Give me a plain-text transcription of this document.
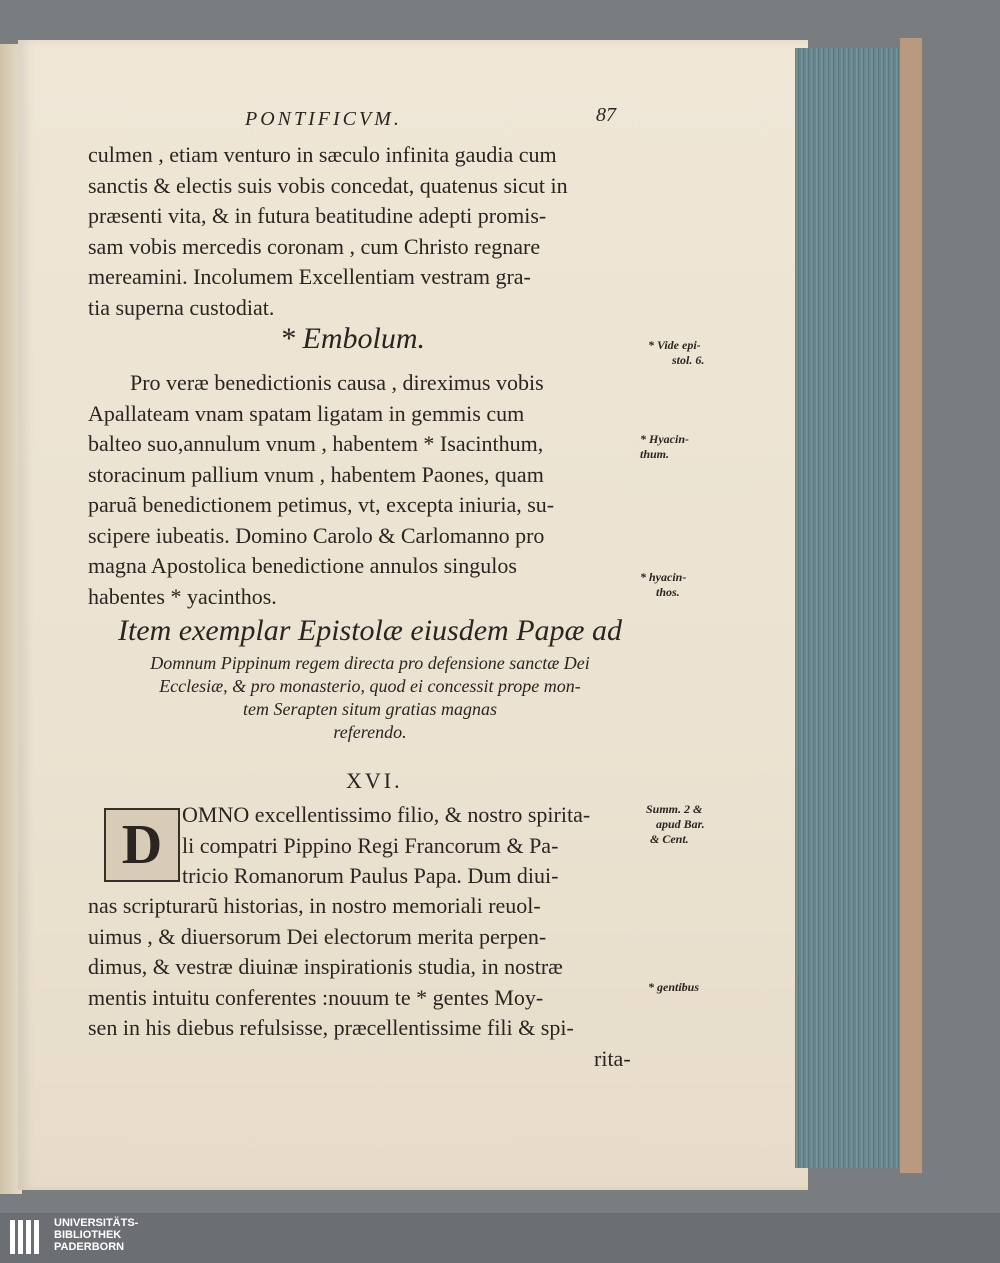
PONTIFICVM.	87
culmen , etiam venturo in sæculo infinita gaudia cum
sanctis & electis suis vobis concedat, quatenus sicut in
præsenti vita, & in futura beatitudine adepti promis-
sam vobis mercedis coronam , cum Christo regnare
mereamini. Incolumem Excellentiam vestram gra-
tia superna custodiat.
* Embolum.
Pro veræ benedictionis causa , direximus vobis
Apallateam vnam spatam ligatam in gemmis cum
balteo suo,annulum vnum , habentem * Isacinthum,
storacinum pallium vnum , habentem Paones, quam
paruã benedictionem petimus, vt, excepta iniuria, su-
scipere iubeatis. Domino Carolo & Carlomanno pro
magna Apostolica benedictione annulos singulos
habentes * yacinthos.
Item exemplar Epistolæ eiusdem Papæ ad
Domnum Pippinum regem directa pro defensione sanctæ Dei
Ecclesiæ, & pro monasterio, quod ei concessit prope mon-
tem Serapten situm gratias magnas
referendo.
XVI.
D OMNO excellentissimo filio, & nostro spirita-
li compatri Pippino Regi Francorum & Pa-
tricio Romanorum Paulus Papa. Dum diui-
nas scripturarũ historias, in nostro memoriali reuol-
uimus , & diuersorum Dei electorum merita perpen-
dimus, & vestræ diuinæ inspirationis studia, in nostræ
mentis intuitu conferentes :nouum te * gentes Moy-
sen in his diebus refulsisse, præcellentissime fili & spi-
rita-
* Vide epi-
stol. 6.
* Hyacin-
thum.
* hyacin-
thos.
Summ. 2 &
apud Bar.
& Cent.
* gentibus
UNIVERSITÄTS-
BIBLIOTHEK
PADERBORN
